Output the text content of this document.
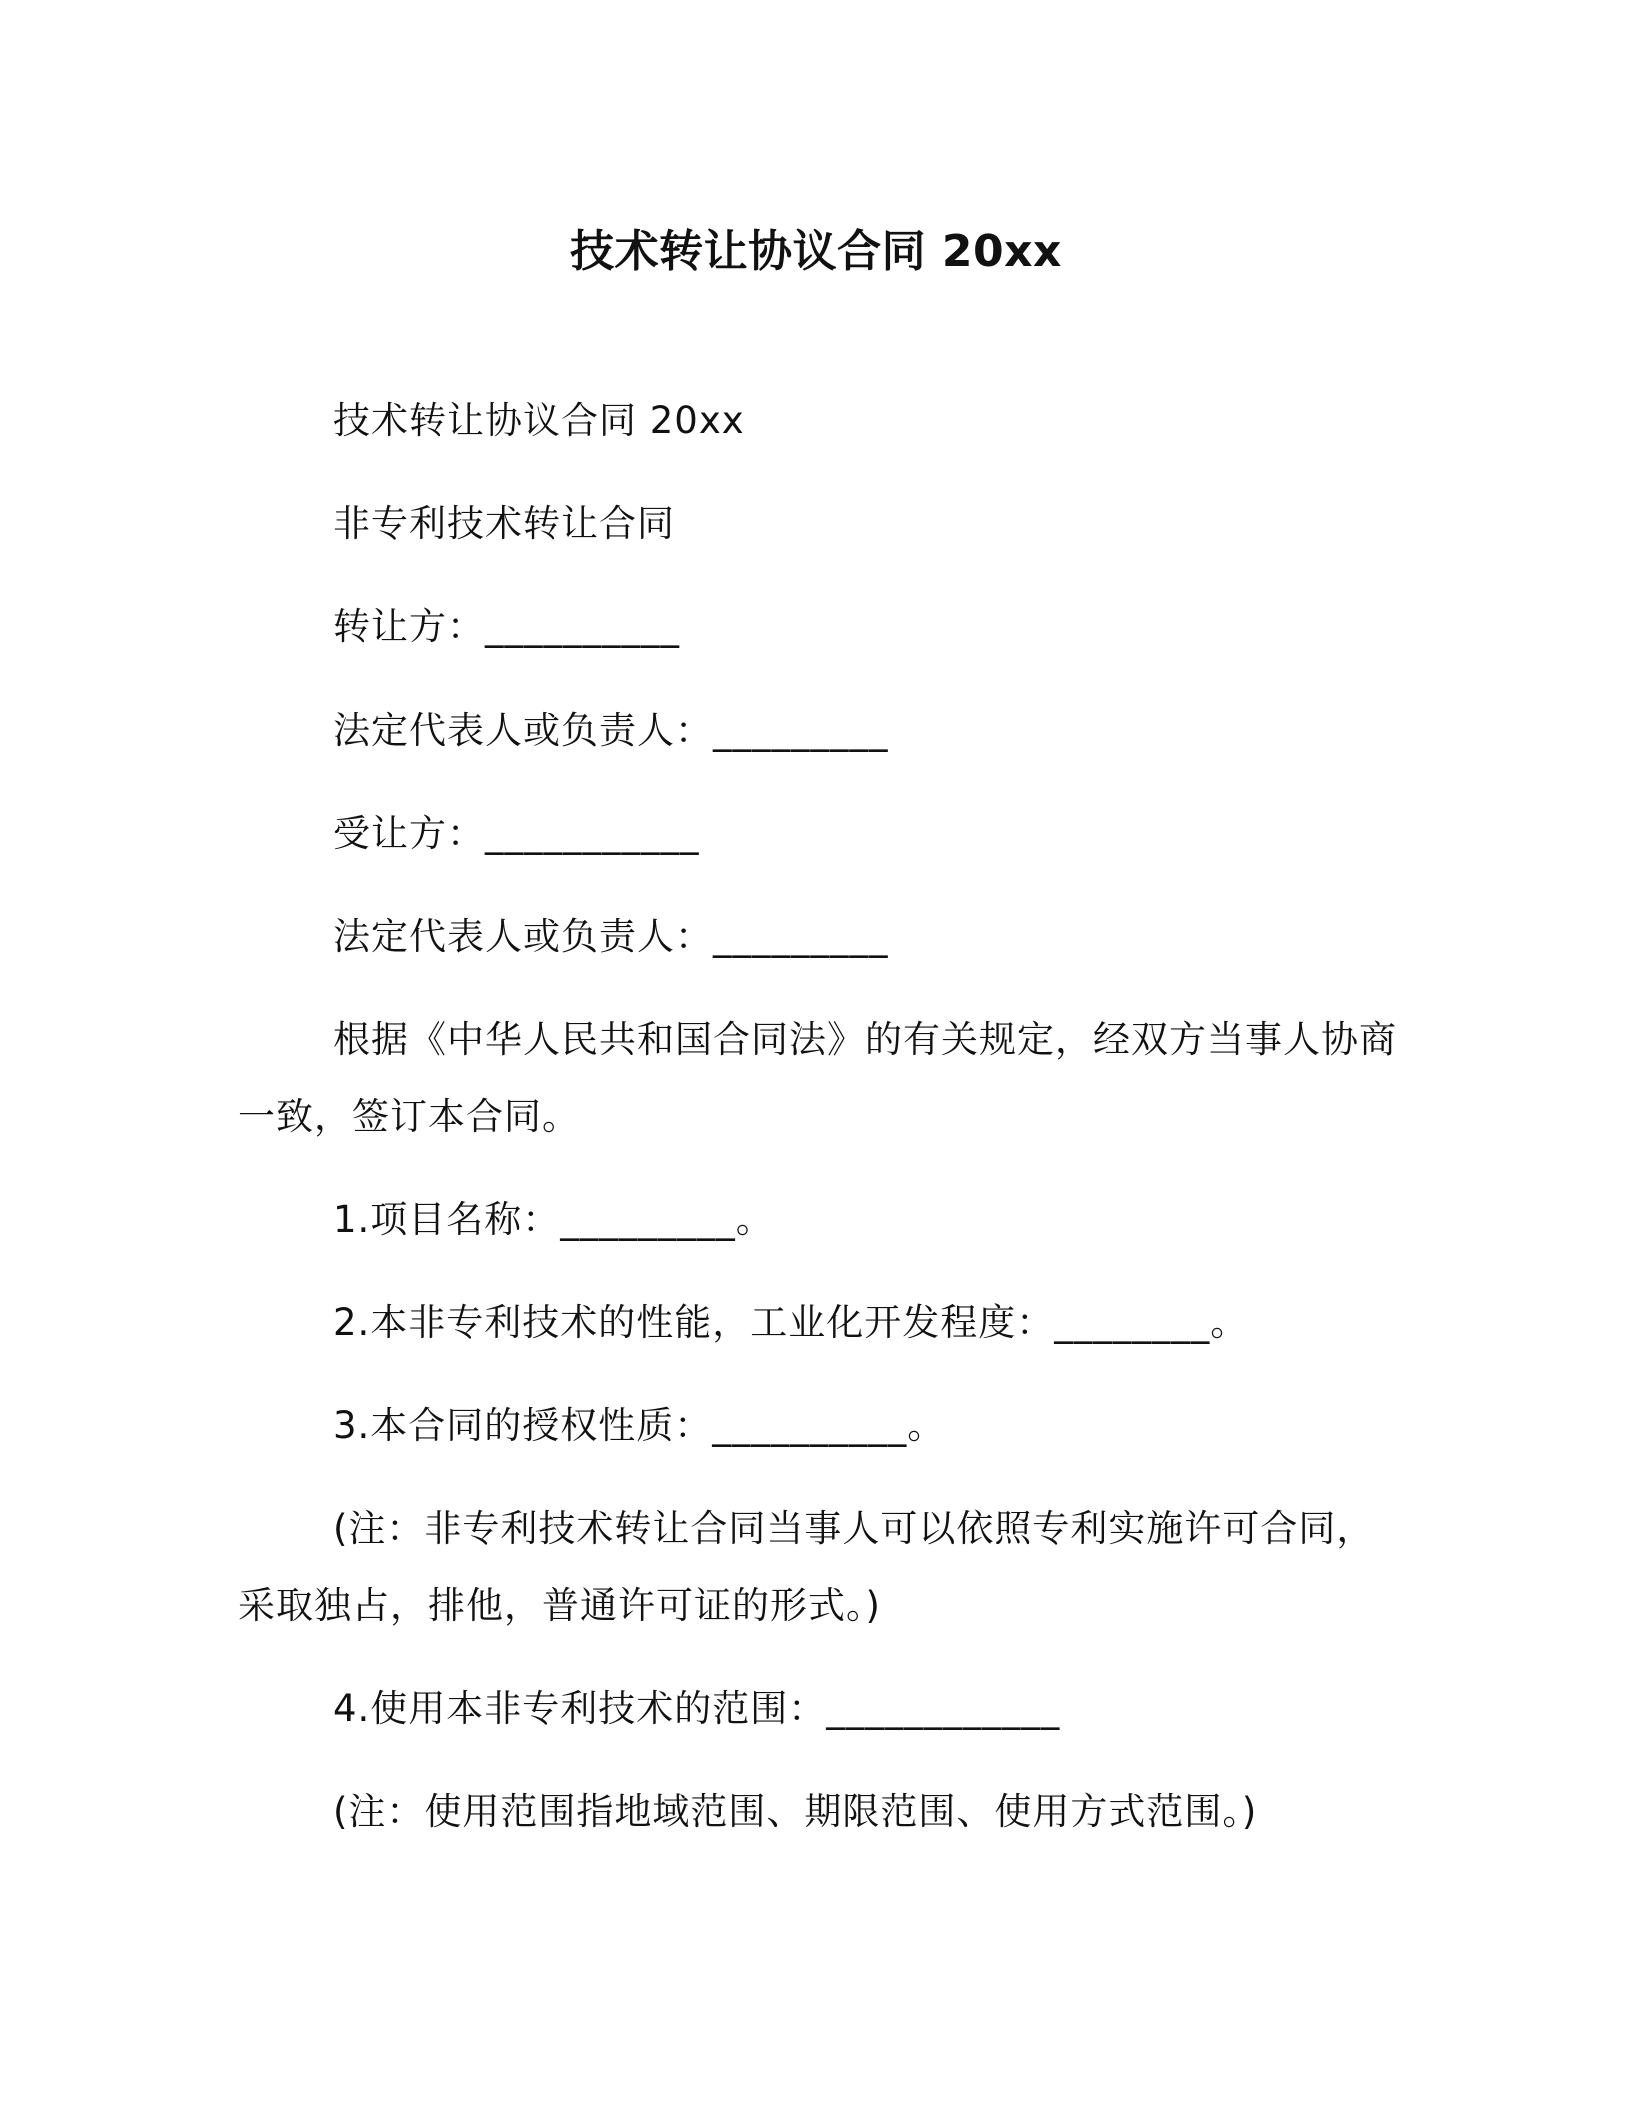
技术转让协议合同 20xx
技术转让协议合同 20xx
非专利技术转让合同
转让方：__________
法定代表人或负责人：_________
受让方：___________
法定代表人或负责人：_________
根据《中华人民共和国合同法》的有关规定，经双方当事人协商
一致，签订本合同。
1.项目名称：_________。
2.本非专利技术的性能，工业化开发程度：________。
3.本合同的授权性质：__________。
(注：非专利技术转让合同当事人可以依照专利实施许可合同，
采取独占，排他，普通许可证的形式。)
4.使用本非专利技术的范围：____________
(注：使用范围指地域范围、期限范围、使用方式范围。)
